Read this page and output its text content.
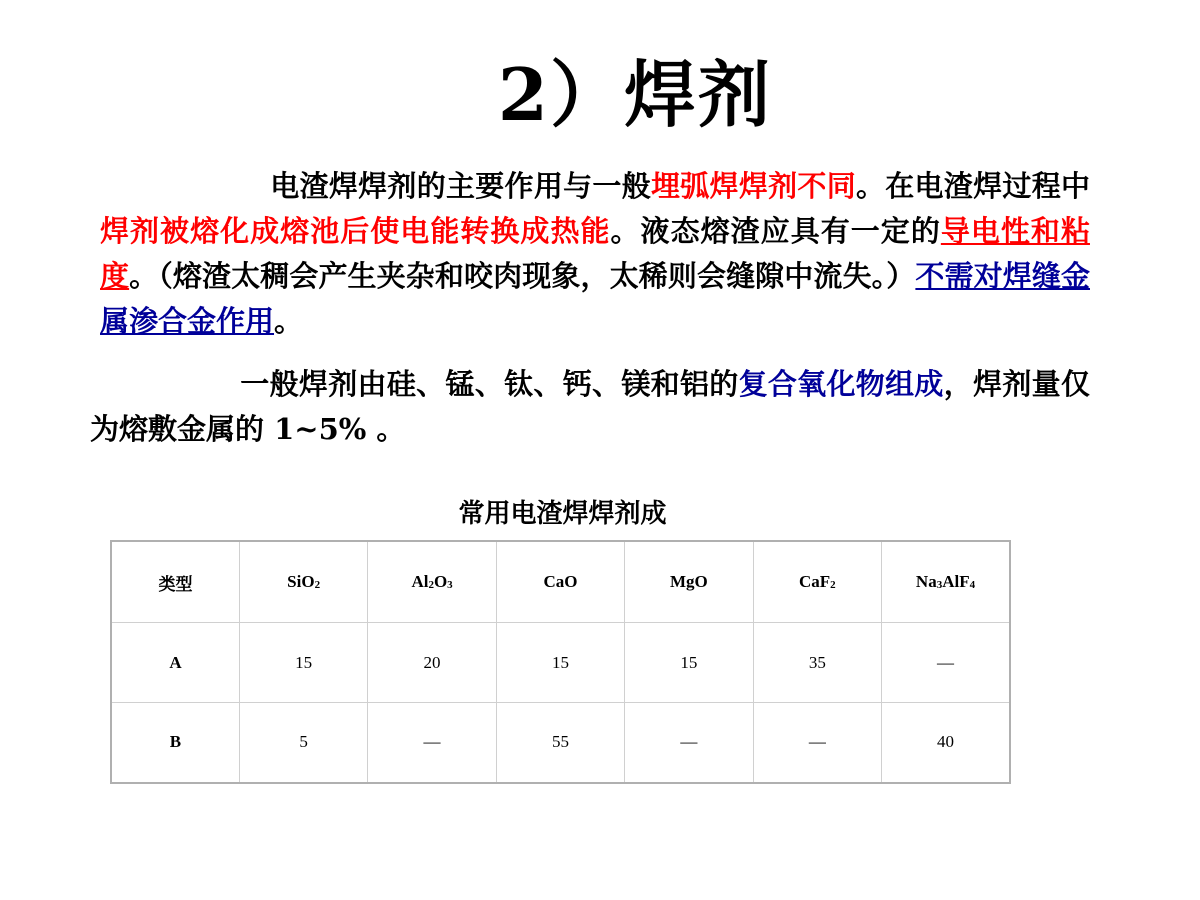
2）焊剂
电渣焊焊剂的主要作用与一般埋弧焊焊剂不同。在电渣焊过程中焊剂被熔化成熔池后使电能转换成热能。液态熔渣应具有一定的导电性和粘度。（熔渣太稠会产生夹杂和咬肉现象，太稀则会缝隙中流失。）不需对焊缝金属渗合金作用。
一般焊剂由硅、锰、钛、钙、镁和铝的复合氧化物组成，焊剂量仅为熔敷金属的 1~5% 。
常用电渣焊焊剂成
类型	SiO$_2$	$Al_2O_3$	CaO	MgO	CaF$_2$	$Na_3AlF_4$
A	15	20	15	15	35	—
B	5	—	55	—	—	40
